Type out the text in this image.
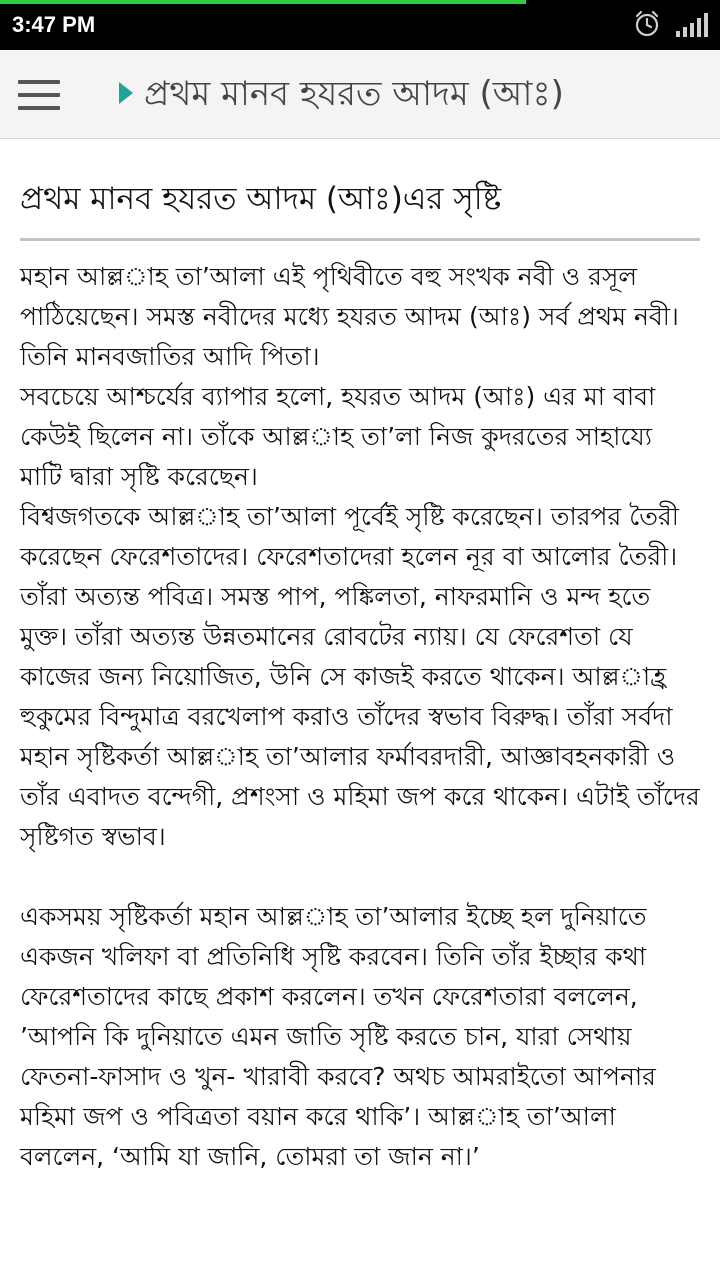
3:47 PM
প্রথম মানব হযরত আদম (আঃ)
প্রথম মানব হযরত আদম (আঃ)এর সৃষ্টি

মহান আল্লাহ তা’আলা এই পৃথিবীতে বহু সংখক নবী ও রসূল পাঠিয়েছেন। সমস্ত নবীদের মধ্যে হযরত আদম (আঃ) সর্ব প্রথম নবী। তিনি মানবজাতির আদি পিতা।

সবচেয়ে আশ্চর্যের ব্যাপার হলো, হযরত আদম (আঃ) এর মা বাবা কেউই ছিলেন না। তাঁকে আল্লাহ তা’লা নিজ কুদরতের সাহায্যে মাটি দ্বারা সৃষ্টি করেছেন।

বিশ্বজগতকে আল্লাহ তা’আলা পূর্বেই সৃষ্টি করেছেন। তারপর তৈরী করেছেন ফেরেশতাদের। ফেরেশতাদেরা হলেন নূর বা আলোর তৈরী। তাঁরা অত্যন্ত পবিত্র। সমস্ত পাপ, পঙ্কিলতা, নাফরমানি ও মন্দ হতে মুক্ত। তাঁরা অত্যন্ত উন্নতমানের রোবটের ন্যায়। যে ফেরেশতা যে কাজের জন্য নিয়োজিত, উনি সে কাজই করতে থাকেন। আল্লাহ্র হুকুমের বিন্দুমাত্র বরখেলাপ করাও তাঁদের স্বভাব বিরুদ্ধ। তাঁরা সর্বদা মহান সৃষ্টিকর্তা আল্লাহ তা’আলার ফর্মাবরদারী, আজ্ঞাবহনকারী ও তাঁর এবাদত বন্দেগী, প্রশংসা ও মহিমা জপ করে থাকেন। এটাই তাঁদের সৃষ্টিগত স্বভাব।

একসময় সৃষ্টিকর্তা মহান আল্লাহ তা’আলার ইচ্ছে হল দুনিয়াতে একজন খলিফা বা প্রতিনিধি সৃষ্টি করবেন। তিনি তাঁর ইচ্ছার কথা ফেরেশতাদের কাছে প্রকাশ করলেন। তখন ফেরেশতারা বললেন, ’আপনি কি দুনিয়াতে এমন জাতি সৃষ্টি করতে চান, যারা সেথায় ফেতনা-ফাসাদ ও খুন- খারাবী করবে? অথচ আমরাইতো আপনার মহিমা জপ ও পবিত্রতা বয়ান করে থাকি’। আল্লাহ তা’আলা বললেন, ‘আমি যা জানি, তোমরা তা জান না।’
